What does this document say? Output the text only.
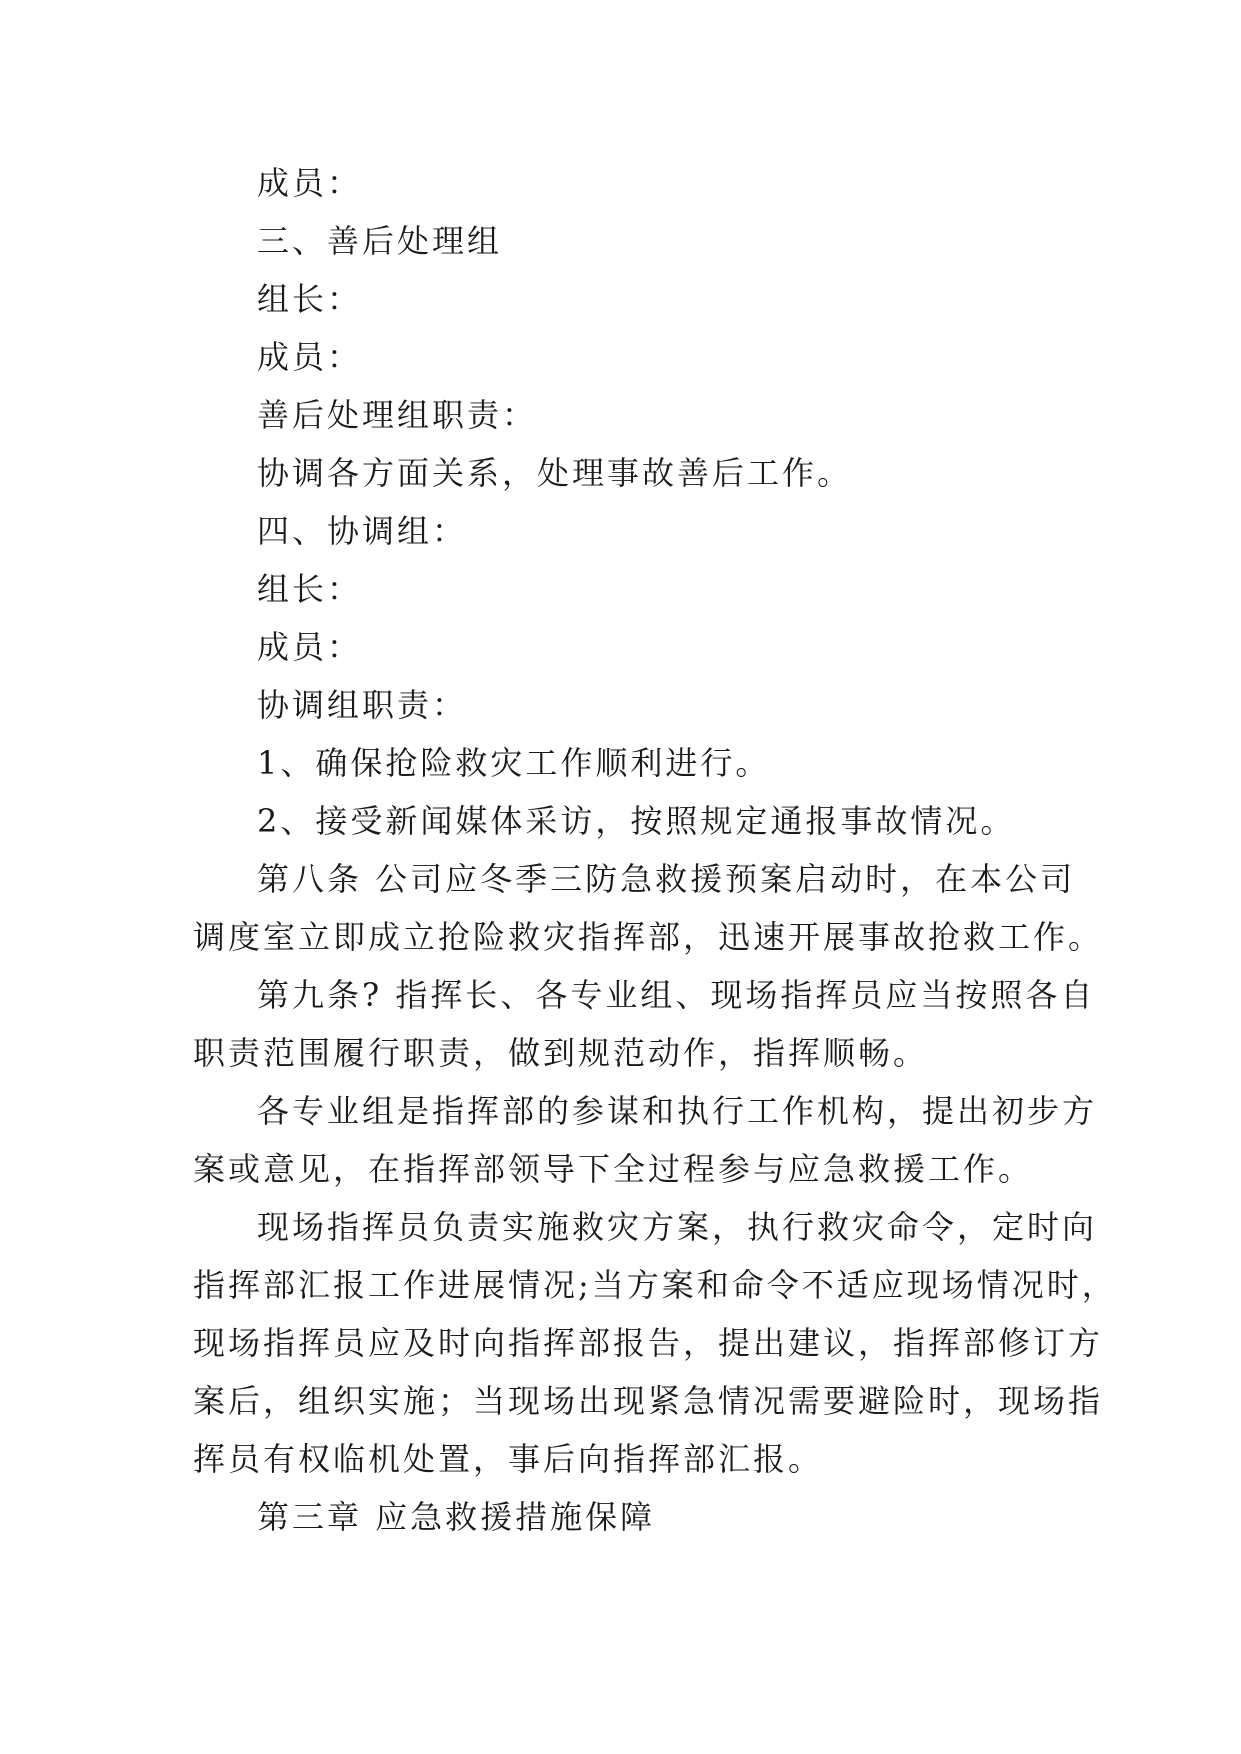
成员：

三、善后处理组

组长：

成员：

善后处理组职责：

协调各方面关系，处理事故善后工作。

四、协调组：

组长：

成员：

协调组职责：

1、确保抢险救灾工作顺利进行。

2、接受新闻媒体采访，按照规定通报事故情况。

第八条 公司应冬季三防急救援预案启动时，在本公司

调度室立即成立抢险救灾指挥部，迅速开展事故抢救工作。

第九条? 指挥长、各专业组、现场指挥员应当按照各自

职责范围履行职责，做到规范动作，指挥顺畅。

各专业组是指挥部的参谋和执行工作机构，提出初步方

案或意见，在指挥部领导下全过程参与应急救援工作。

现场指挥员负责实施救灾方案，执行救灾命令，定时向

指挥部汇报工作进展情况;当方案和命令不适应现场情况时，

现场指挥员应及时向指挥部报告，提出建议，指挥部修订方

案后，组织实施；当现场出现紧急情况需要避险时，现场指

挥员有权临机处置，事后向指挥部汇报。

第三章 应急救援措施保障
